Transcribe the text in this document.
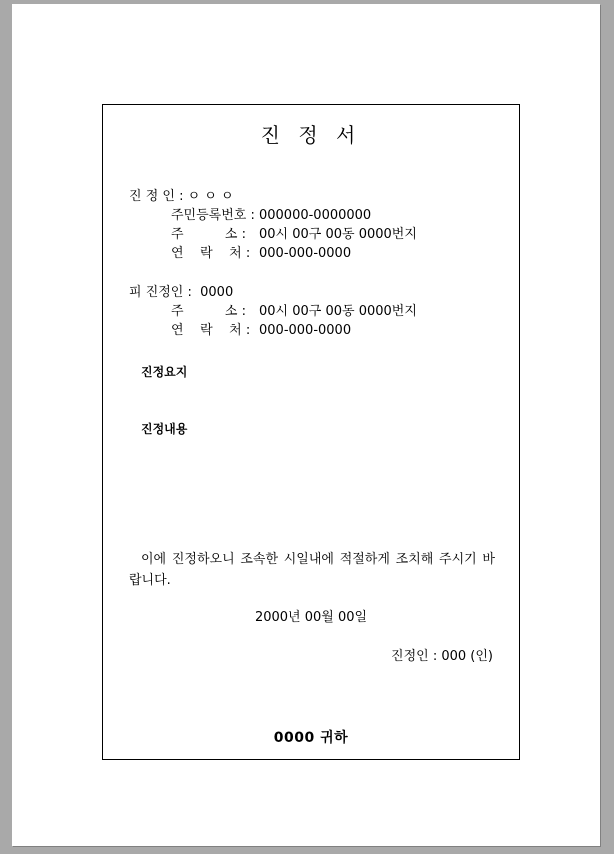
진 정 서
진 정 인 : ㅇ ㅇ ㅇ
주민등록번호 : 000000-0000000
주          소 : 00시 00구 00동 0000번지
연    락    처 : 000-000-0000
피 진정인 :  0000
주          소 : 00시 00구 00동 0000번지
연    락    처 : 000-000-0000
진정요지
진정내용
이에 진정하오니 조속한 시일내에 적절하게 조치해 주시기 바
랍니다.
2000년 00월 00일
진정인 : 000 (인)
0000 귀하
